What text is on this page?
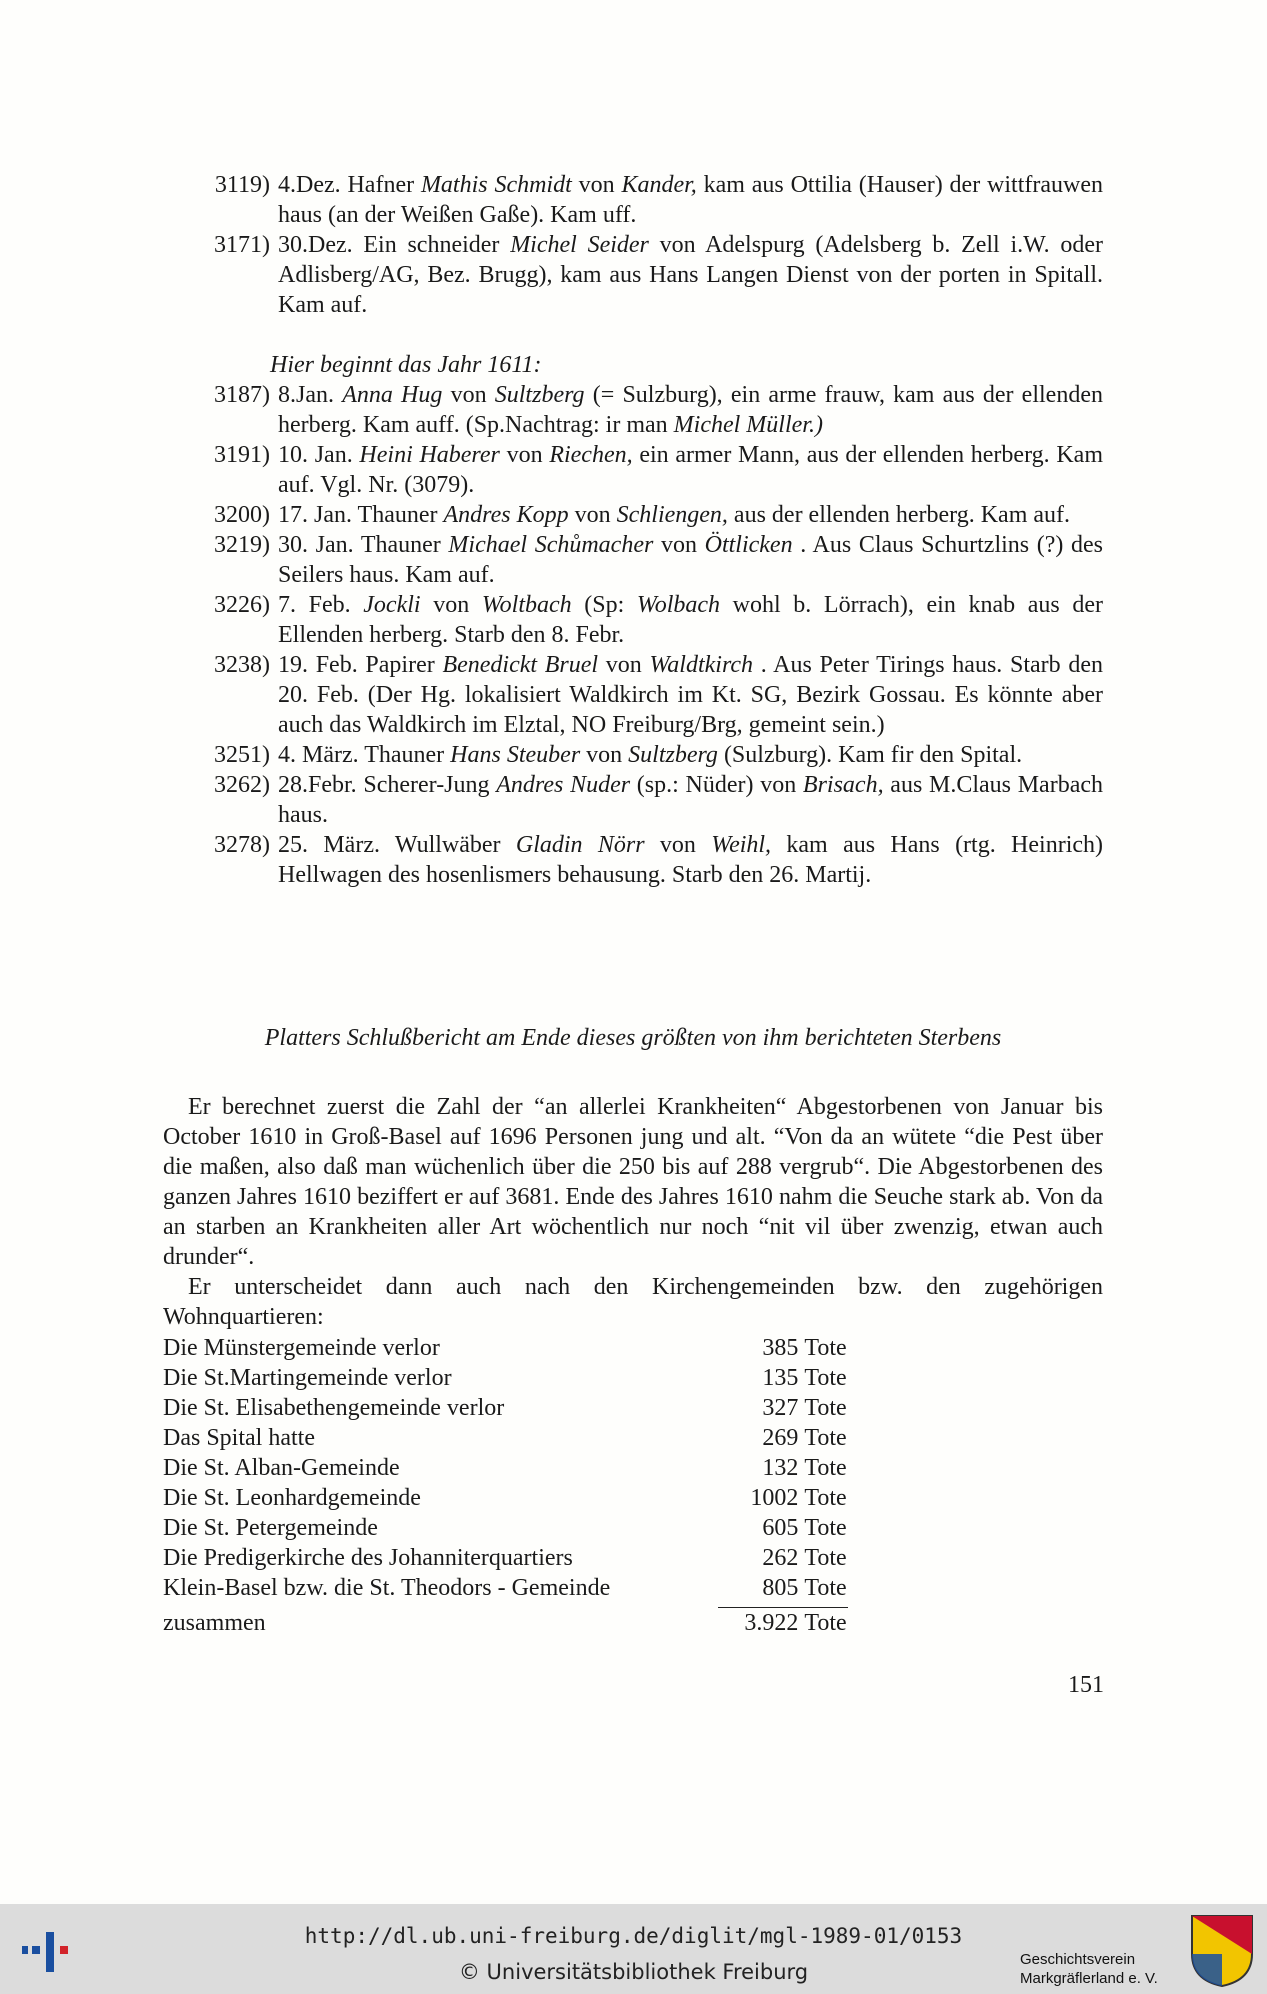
3119) 4.Dez. Hafner Mathis Schmidt von Kander, kam aus Ottilia (Hauser) der wittfrauwen haus (an der Weißen Gaße). Kam uff.
3171) 30.Dez. Ein schneider Michel Seider von Adelspurg (Adelsberg b. Zell i.W. oder Adlisberg/AG, Bez. Brugg), kam aus Hans Langen Dienst von der porten in Spitall. Kam auf.
Hier beginnt das Jahr 1611:
3187) 8.Jan. Anna Hug von Sultzberg (= Sulzburg), ein arme frauw, kam aus der ellenden herberg. Kam auff. (Sp.Nachtrag: ir man Michel Müller.)
3191) 10. Jan. Heini Haberer von Riechen, ein armer Mann, aus der ellenden herberg. Kam auf. Vgl. Nr. (3079).
3200) 17. Jan. Thauner Andres Kopp von Schliengen, aus der ellenden herberg. Kam auf.
3219) 30. Jan. Thauner Michael Schůmacher von Öttlicken . Aus Claus Schurtzlins (?) des Seilers haus. Kam auf.
3226) 7. Feb. Jockli von Woltbach (Sp: Wolbach wohl b. Lörrach), ein knab aus der Ellenden herberg. Starb den 8. Febr.
3238) 19. Feb. Papirer Benedickt Bruel von Waldtkirch . Aus Peter Tirings haus. Starb den 20. Feb. (Der Hg. lokalisiert Waldkirch im Kt. SG, Bezirk Gossau. Es könnte aber auch das Waldkirch im Elztal, NO Freiburg/Brg, gemeint sein.)
3251) 4. März. Thauner Hans Steuber von Sultzberg (Sulzburg). Kam fir den Spital.
3262) 28.Febr. Scherer-Jung Andres Nuder (sp.: Nüder) von Brisach, aus M.Claus Marbach haus.
3278) 25. März. Wullwäber Gladin Nörr von Weihl, kam aus Hans (rtg. Heinrich) Hellwagen des hosenlismers behausung. Starb den 26. Martij.
Platters Schlußbericht am Ende dieses größten von ihm berichteten Sterbens

Er berechnet zuerst die Zahl der “an allerlei Krankheiten“ Abgestorbenen von Januar bis October 1610 in Groß-Basel auf 1696 Personen jung und alt. “Von da an wütete “die Pest über die maßen, also daß man wüchenlich über die 250 bis auf 288 vergrub“. Die Abgestorbenen des ganzen Jahres 1610 beziffert er auf 3681. Ende des Jahres 1610 nahm die Seuche stark ab. Von da an starben an Krankheiten aller Art wöchentlich nur noch “nit vil über zwenzig, etwan auch drunder“.

Er unterscheidet dann auch nach den Kirchengemeinden bzw. den zugehörigen Wohnquartieren:

Die Münstergemeinde verlor	385 Tote
Die St.Martingemeinde verlor	135 Tote
Die St. Elisabethengemeinde verlor	327 Tote
Das Spital hatte	269 Tote
Die St. Alban-Gemeinde	132 Tote
Die St. Leonhardgemeinde	1002 Tote
Die St. Petergemeinde	605 Tote
Die Predigerkirche des Johanniterquartiers	262 Tote
Klein-Basel bzw. die St. Theodors - Gemeinde	805 Tote
zusammen	3.922 Tote
151
http://dl.ub.uni-freiburg.de/diglit/mgl-1989-01/0153
© Universitätsbibliothek Freiburg
Geschichtsverein
Markgräflerland e. V.
